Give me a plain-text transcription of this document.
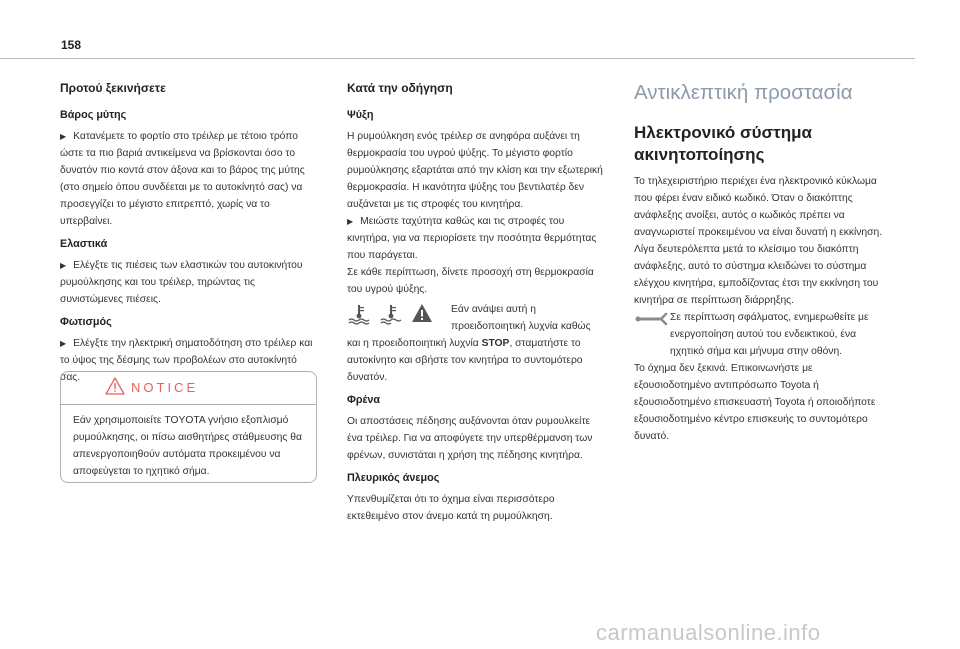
158
Προτού ξεκινήσετε
Βάρος μύτης
▶ Κατανέμετε το φορτίο στο τρέιλερ με τέτοιο τρόπο ώστε τα πιο βαριά αντικείμενα να βρίσκονται όσο το δυνατόν πιο κοντά στον άξονα και το βάρος της μύτης (στο σημείο όπου συνδέεται με το αυτοκίνητό σας) να προσεγγίζει το μέγιστο επιτρεπτό, χωρίς να το υπερβαίνει.
Ελαστικά
▶ Ελέγξτε τις πιέσεις των ελαστικών του αυτοκινήτου ρυμούλκησης και του τρέιλερ, τηρώντας τις συνιστώμενες πιέσεις.
Φωτισμός
▶ Ελέγξτε την ηλεκτρική σηματοδότηση στο τρέιλερ και το ύψος της δέσμης των προβολέων στο αυτοκίνητό σας.
NOTICE
Εάν χρησιμοποιείτε TOYOTA γνήσιο εξοπλισμό ρυμούλκησης, οι πίσω αισθητήρες στάθμευσης θα απενεργοποιηθούν αυτόματα προκειμένου να αποφεύγεται το ηχητικό σήμα.
Κατά την οδήγηση
Ψύξη
Η ρυμούλκηση ενός τρέιλερ σε ανηφόρα αυξάνει τη θερμοκρασία του υγρού ψύξης. Το μέγιστο φορτίο ρυμούλκησης εξαρτάται από την κλίση και την εξωτερική θερμοκρασία. Η ικανότητα ψύξης του βεντιλατέρ δεν αυξάνεται με τις στροφές του κινητήρα.
▶ Μειώστε ταχύτητα καθώς και τις στροφές του κινητήρα, για να περιορίσετε την ποσότητα θερμότητας που παράγεται.
Σε κάθε περίπτωση, δίνετε προσοχή στη θερμοκρασία του υγρού ψύξης.
Εάν ανάψει αυτή η προειδοποιητική λυχνία καθώς
και η προειδοποιητική λυχνία STOP, σταματήστε το αυτοκίνητο και σβήστε τον κινητήρα το συντομότερο δυνατόν.
Φρένα
Οι αποστάσεις πέδησης αυξάνονται όταν ρυμουλκείτε ένα τρέιλερ. Για να αποφύγετε την υπερθέρμανση των φρένων, συνιστάται η χρήση της πέδησης κινητήρα.
Πλευρικός άνεμος
Υπενθυμίζεται ότι το όχημα είναι περισσότερο εκτεθειμένο στον άνεμο κατά τη ρυμούλκηση.
Αντικλεπτική προστασία
Ηλεκτρονικό σύστημα ακινητοποίησης
Το τηλεχειριστήριο περιέχει ένα ηλεκτρονικό κύκλωμα που φέρει έναν ειδικό κωδικό. Όταν ο διακόπτης ανάφλεξης ανοίξει, αυτός ο κωδικός πρέπει να αναγνωριστεί προκειμένου να είναι δυνατή η εκκίνηση. Λίγα δευτερόλεπτα μετά το κλείσιμο του διακόπτη ανάφλεξης, αυτό το σύστημα κλειδώνει το σύστημα ελέγχου κινητήρα, εμποδίζοντας έτσι την εκκίνηση του κινητήρα σε περίπτωση διάρρηξης.
Σε περίπτωση σφάλματος, ενημερωθείτε με ενεργοποίηση αυτού του ενδεικτικού, ένα ηχητικό σήμα και μήνυμα στην οθόνη.
Το όχημα δεν ξεκινά. Επικοινωνήστε με εξουσιοδοτημένο αντιπρόσωπο Toyota ή εξουσιοδοτημένο επισκευαστή Toyota ή οποιοδήποτε εξουσιοδοτημένο κέντρο επισκευής το συντομότερο δυνατό.
carmanualsonline.info
